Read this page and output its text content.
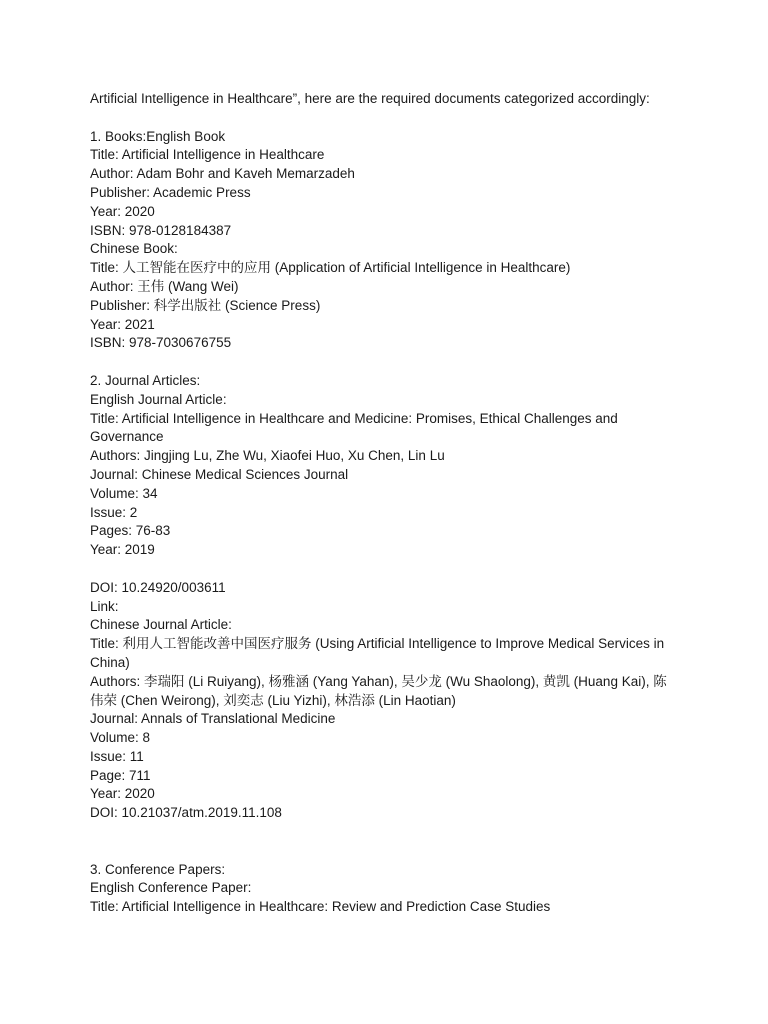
Artificial Intelligence in Healthcare”, here are the required documents categorized accordingly:
1. Books:English Book
Title: Artificial Intelligence in Healthcare
Author: Adam Bohr and Kaveh Memarzadeh
Publisher: Academic Press
Year: 2020
ISBN: 978-0128184387
Chinese Book:
Title: 人工智能在医疗中的应用 (Application of Artificial Intelligence in Healthcare)
Author: 王伟 (Wang Wei)
Publisher: 科学出版社 (Science Press)
Year: 2021
ISBN: 978-7030676755
2. Journal Articles:
English Journal Article:
Title: Artificial Intelligence in Healthcare and Medicine: Promises, Ethical Challenges and Governance
Authors: Jingjing Lu, Zhe Wu, Xiaofei Huo, Xu Chen, Lin Lu
Journal: Chinese Medical Sciences Journal
Volume: 34
Issue: 2
Pages: 76-83
Year: 2019
DOI: 10.24920/003611
Link:
Chinese Journal Article:
Title: 利用人工智能改善中国医疗服务 (Using Artificial Intelligence to Improve Medical Services in China)
Authors: 李瑞阳 (Li Ruiyang), 杨雅涵 (Yang Yahan), 吴少龙 (Wu Shaolong), 黄凯 (Huang Kai), 陈伟荣 (Chen Weirong), 刘奕志 (Liu Yizhi), 林浩添 (Lin Haotian)
Journal: Annals of Translational Medicine
Volume: 8
Issue: 11
Page: 711
Year: 2020
DOI: 10.21037/atm.2019.11.108
3. Conference Papers:
English Conference Paper:
Title: Artificial Intelligence in Healthcare: Review and Prediction Case Studies
